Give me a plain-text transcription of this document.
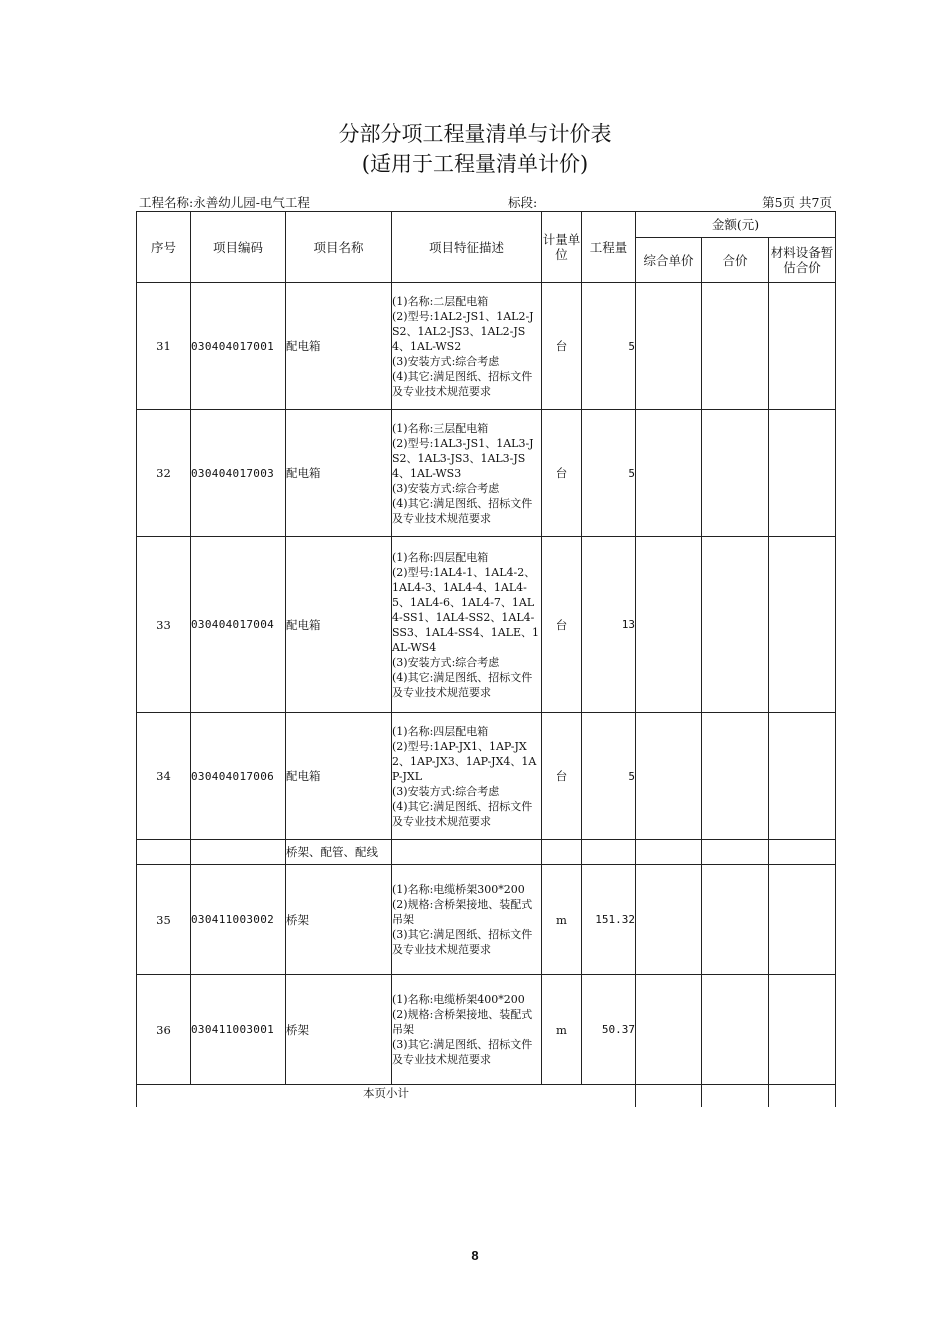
分部分项工程量清单与计价表
(适用于工程量清单计价)
工程名称:永善幼儿园-电气工程	标段:	第5页 共7页
序号	项目编码	项目名称	项目特征描述	计量单位	工程量	金额(元)		
						综合单价	合价	材料设备暂估合价
31	030404017001	配电箱	(1)名称:二层配电箱
(2)型号:1AL2-JS1、1AL2-JS2、1AL2-JS3、1AL2-JS4、1AL-WS2
(3)安装方式:综合考虑
(4)其它:满足图纸、招标文件及专业技术规范要求	台	5			
32	030404017003	配电箱	(1)名称:三层配电箱
(2)型号:1AL3-JS1、1AL3-JS2、1AL3-JS3、1AL3-JS4、1AL-WS3
(3)安装方式:综合考虑
(4)其它:满足图纸、招标文件及专业技术规范要求	台	5			
33	030404017004	配电箱	(1)名称:四层配电箱
(2)型号:1AL4-1、1AL4-2、1AL4-3、1AL4-4、1AL4-5、1AL4-6、1AL4-7、1AL4-SS1、1AL4-SS2、1AL4-SS3、1AL4-SS4、1ALE、1AL-WS4
(3)安装方式:综合考虑
(4)其它:满足图纸、招标文件及专业技术规范要求	台	13			
34	030404017006	配电箱	(1)名称:四层配电箱
(2)型号:1AP-JX1、1AP-JX2、1AP-JX3、1AP-JX4、1AP-JXL
(3)安装方式:综合考虑
(4)其它:满足图纸、招标文件及专业技术规范要求	台	5			
		桥架、配管、配线						
35	030411003002	桥架	(1)名称:电缆桥架300*200
(2)规格:含桥架接地、装配式吊架
(3)其它:满足图纸、招标文件及专业技术规范要求	m	151.32			
36	030411003001	桥架	(1)名称:电缆桥架400*200
(2)规格:含桥架接地、装配式吊架
(3)其它:满足图纸、招标文件及专业技术规范要求	m	50.37			
本页小计								
8
